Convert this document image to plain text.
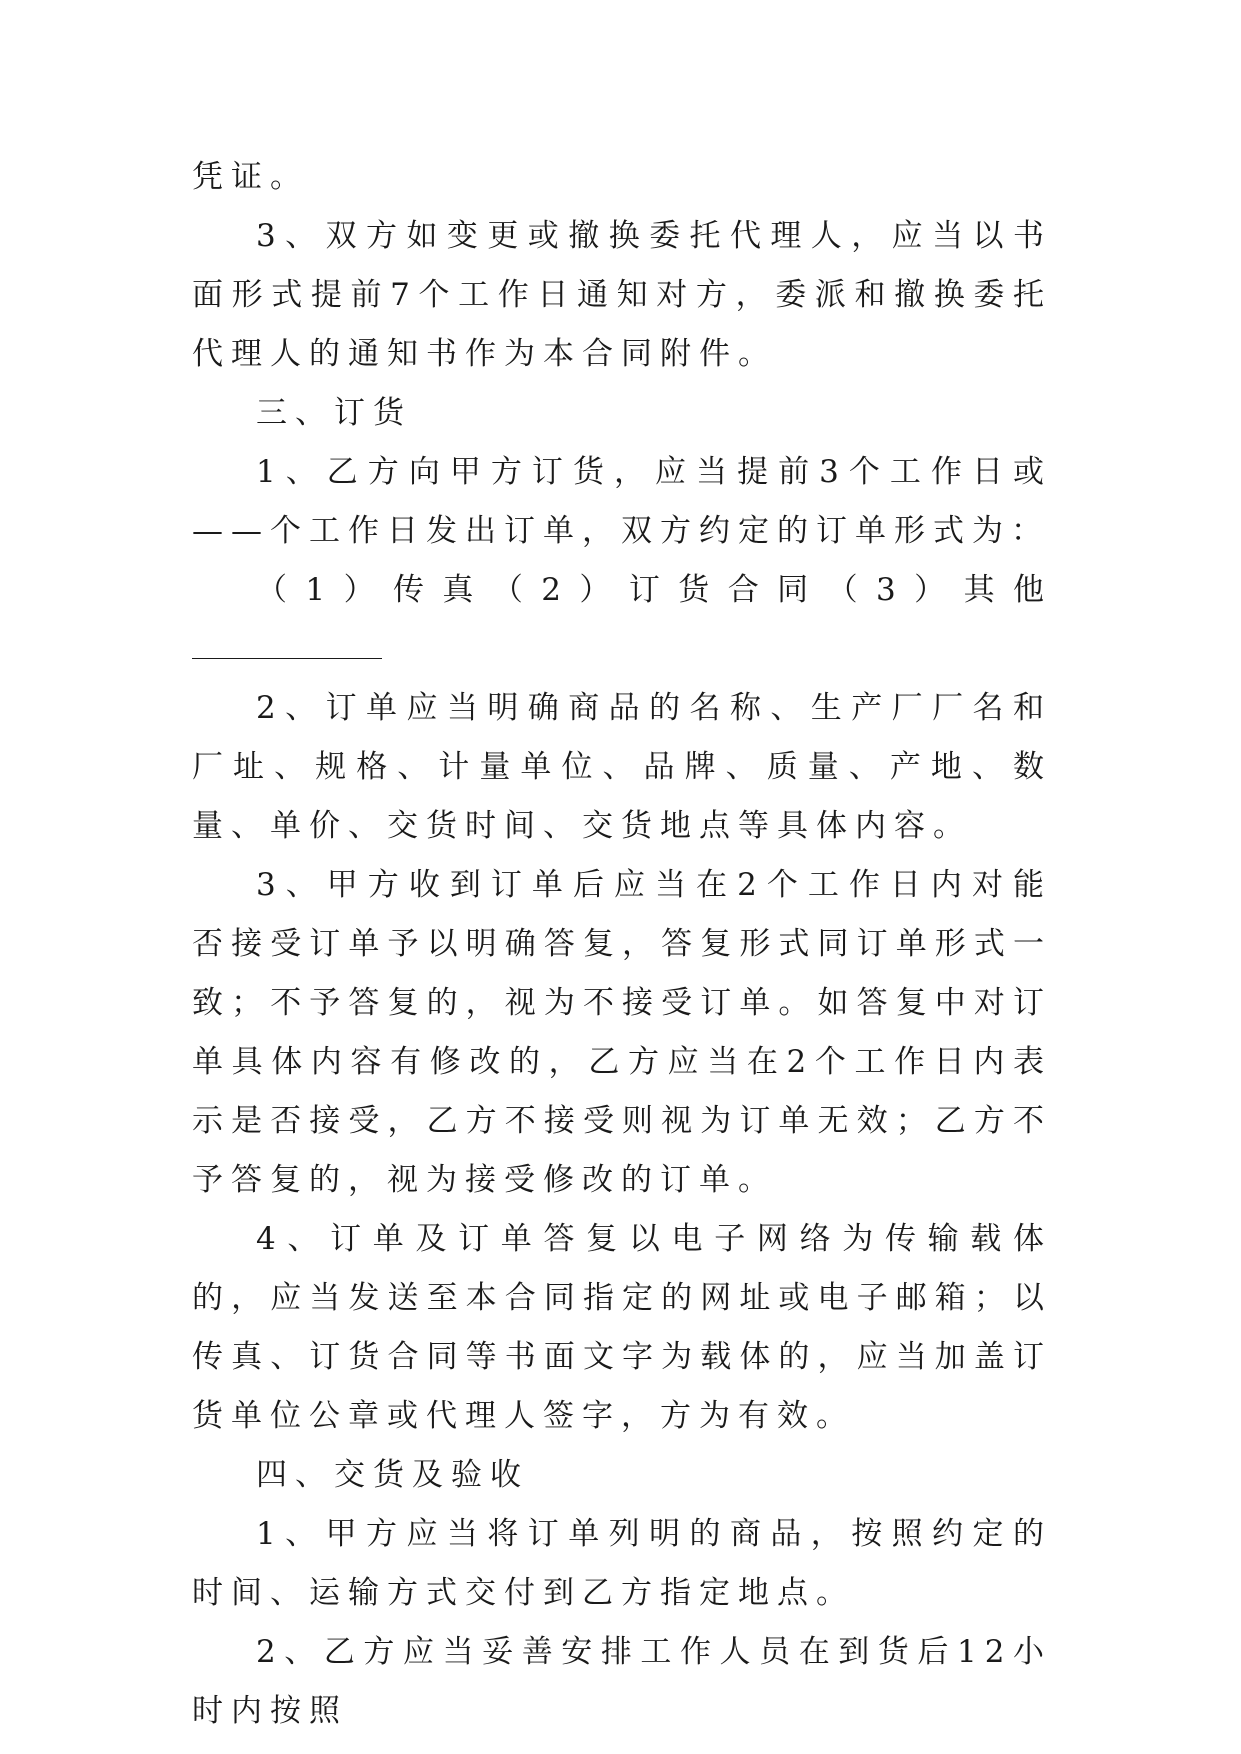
凭证。

3、双方如变更或撤换委托代理人，应当以书面形式提前7个工作日通知对方，委派和撤换委托代理人的通知书作为本合同附件。

三、订货

1、乙方向甲方订货，应当提前3个工作日或——个工作日发出订单，双方约定的订单形式为：

（1）传真（2）订货合同（3）其他

2、订单应当明确商品的名称、生产厂厂名和厂址、规格、计量单位、品牌、质量、产地、数量、单价、交货时间、交货地点等具体内容。

3、甲方收到订单后应当在2个工作日内对能否接受订单予以明确答复，答复形式同订单形式一致；不予答复的，视为不接受订单。如答复中对订单具体内容有修改的，乙方应当在2个工作日内表示是否接受，乙方不接受则视为订单无效；乙方不予答复的，视为接受修改的订单。

4、订单及订单答复以电子网络为传输载体的，应当发送至本合同指定的网址或电子邮箱；以传真、订货合同等书面文字为载体的，应当加盖订货单位公章或代理人签字，方为有效。

四、交货及验收

1、甲方应当将订单列明的商品，按照约定的时间、运输方式交付到乙方指定地点。

2、乙方应当妥善安排工作人员在到货后12小时内按照
